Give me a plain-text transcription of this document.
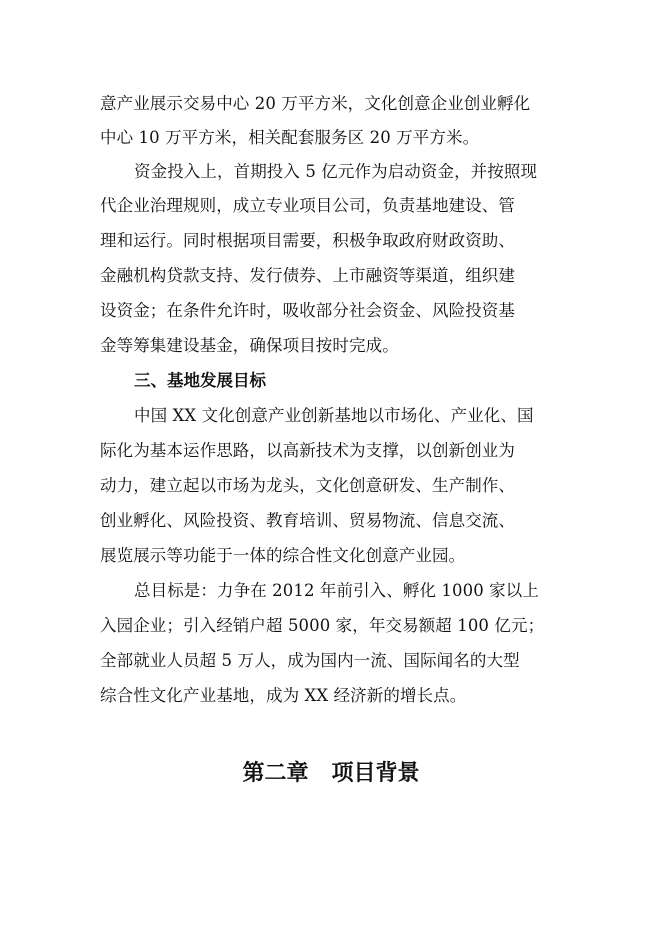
意产业展示交易中心 20 万平方米，文化创意企业创业孵化
中心 10 万平方米，相关配套服务区 20 万平方米。
资金投入上，首期投入 5 亿元作为启动资金，并按照现
代企业治理规则，成立专业项目公司，负责基地建设、管
理和运行。同时根据项目需要，积极争取政府财政资助、
金融机构贷款支持、发行债券、上市融资等渠道，组织建
设资金；在条件允许时，吸收部分社会资金、风险投资基
金等筹集建设基金，确保项目按时完成。
三、基地发展目标
中国 XX 文化创意产业创新基地以市场化、产业化、国
际化为基本运作思路，以高新技术为支撑，以创新创业为
动力，建立起以市场为龙头，文化创意研发、生产制作、
创业孵化、风险投资、教育培训、贸易物流、信息交流、
展览展示等功能于一体的综合性文化创意产业园。
总目标是：力争在 2012 年前引入、孵化 1000 家以上
入园企业；引入经销户超 5000 家，年交易额超 100 亿元；
全部就业人员超 5 万人，成为国内一流、国际闻名的大型
综合性文化产业基地，成为 XX 经济新的增长点。
第二章   项目背景
